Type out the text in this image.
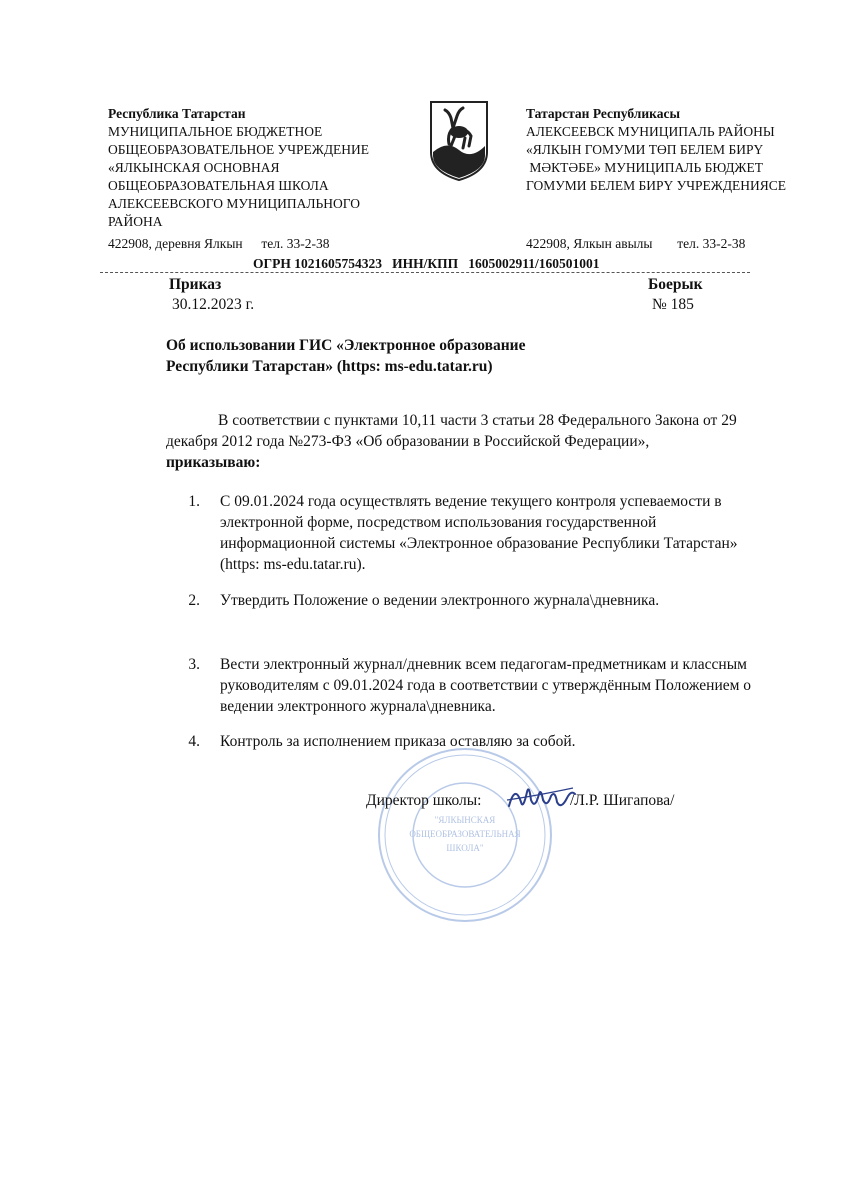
Республика Татарстан
МУНИЦИПАЛЬНОЕ БЮДЖЕТНОЕ
ОБЩЕОБРАЗОВАТЕЛЬНОЕ УЧРЕЖДЕНИЕ
«ЯЛКЫНСКАЯ ОСНОВНАЯ
ОБЩЕОБРАЗОВАТЕЛЬНАЯ ШКОЛА
АЛЕКСЕЕВСКОГО МУНИЦИПАЛЬНОГО
РАЙОНА
422908, деревня Ялкын тел. 33-2-38
Татарстан Республикасы
АЛЕКСЕЕВСК МУНИЦИПАЛЬ РАЙОНЫ
«ЯЛКЫН ГОМУМИ ТӨП БЕЛЕМ БИРҮ
МӘКТӘБЕ» МУНИЦИПАЛЬ БЮДЖЕТ
ГОМУМИ БЕЛЕМ БИРҮ УЧРЕЖДЕНИЯСЕ
422908, Ялкын авылы тел. 33-2-38
ОГРН 1021605754323   ИНН/КПП   1605002911/160501001
Приказ
30.12.2023 г.
Боерык
№ 185
Об использовании ГИС «Электронное образование
Республики Татарстан» (https: ms-edu.tatar.ru)
В соответствии с пунктами 10,11 части 3 статьи 28 Федерального Закона от 29
декабря 2012 года №273-ФЗ «Об образовании в Российской Федерации»,
приказываю:
1. С 09.01.2024 года осуществлять ведение текущего контроля успеваемости в
электронной форме, посредством использования государственной
информационной системы «Электронное образование Республики Татарстан»
(https: ms-edu.tatar.ru).
2. Утвердить Положение о ведении электронного журнала\дневника.
3. Вести электронный журнал/дневник всем педагогам-предметникам и классным
руководителям с 09.01.2024 года в соответствии с утверждённым Положением о
ведении электронного журнала\дневника.
4. Контроль за исполнением приказа оставляю за собой.
"ЯЛКЫНСКАЯ
ОБЩЕОБРАЗОВАТЕЛЬНАЯ
ШКОЛА"
Директор школы:	/Л.Р. Шигапова/
